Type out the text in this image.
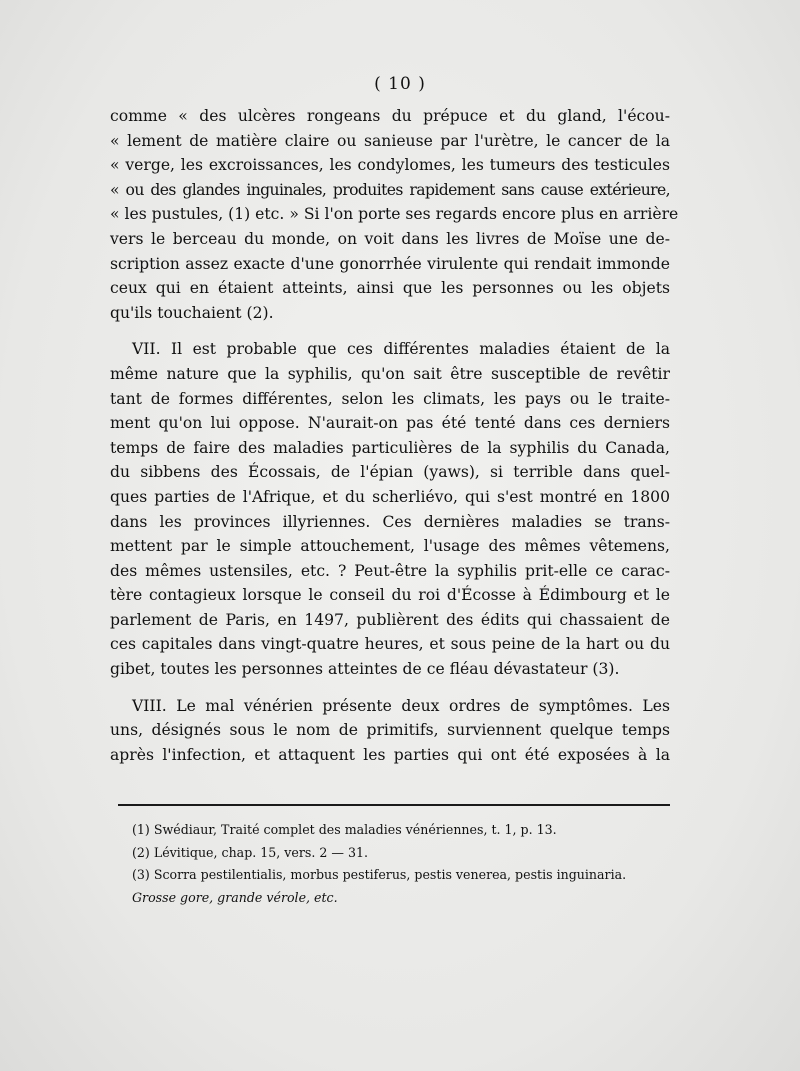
( 10 )
comme « des ulcères rongeans du prépuce et du gland, l'écou-
« lement de matière claire ou sanieuse par l'urètre, le cancer de la
« verge, les excroissances, les condylomes, les tumeurs des testicules
« ou des glandes inguinales, produites rapidement sans cause extérieure,
« les pustules, (1) etc. » Si l'on porte ses regards encore plus en arrière
vers le berceau du monde, on voit dans les livres de Moïse une de-
scription assez exacte d'une gonorrhée virulente qui rendait immonde
ceux qui en étaient atteints, ainsi que les personnes ou les objets
qu'ils touchaient (2).
VII. Il est probable que ces différentes maladies étaient de la
même nature que la syphilis, qu'on sait être susceptible de revêtir
tant de formes différentes, selon les climats, les pays ou le traite-
ment qu'on lui oppose. N'aurait-on pas été tenté dans ces derniers
temps de faire des maladies particulières de la syphilis du Canada,
du sibbens des Écossais, de l'épian (yaws), si terrible dans quel-
ques parties de l'Afrique, et du scherliévo, qui s'est montré en 1800
dans les provinces illyriennes. Ces dernières maladies se trans-
mettent par le simple attouchement, l'usage des mêmes vêtemens,
des mêmes ustensiles, etc. ? Peut-être la syphilis prit-elle ce carac-
tère contagieux lorsque le conseil du roi d'Écosse à Édimbourg et le
parlement de Paris, en 1497, publièrent des édits qui chassaient de
ces capitales dans vingt-quatre heures, et sous peine de la hart ou du
gibet, toutes les personnes atteintes de ce fléau dévastateur (3).
VIII. Le mal vénérien présente deux ordres de symptômes. Les
uns, désignés sous le nom de primitifs, surviennent quelque temps
après l'infection, et attaquent les parties qui ont été exposées à la
(1) Swédiaur, Traité complet des maladies vénériennes, t. 1, p. 13.
(2) Lévitique, chap. 15, vers. 2 — 31.
(3) Scorra pestilentialis, morbus pestiferus, pestis venerea, pestis inguinaria.
Grosse gore, grande vérole, etc.
